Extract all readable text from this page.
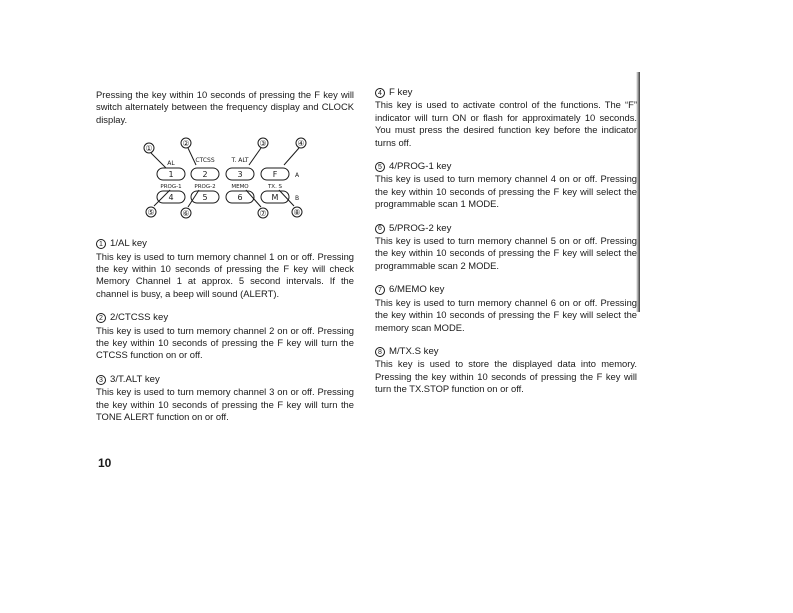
Pressing the key within 10 seconds of pressing the F key will switch alternately between the frequency display and CLOCK display.

①
②	③	④
⑤	⑥	⑦	⑧
AL	CTCSS	T. ALT
1	2	3	F
PROG-1 PROG-2	MEMO	TX. S
4	5	6	M
A
B
1 1/AL key

This key is used to turn memory channel 1 on or off. Pressing the key within 10 seconds of pressing the F key will check Memory Channel 1 at approx. 5 second intervals. If the channel is busy, a beep will sound (ALERT).

2 2/CTCSS key

This key is used to turn memory channel 2 on or off. Pressing the key within 10 seconds of pressing the F key will turn the CTCSS function on or off.

3 3/T.ALT key

This key is used to turn memory channel 3 on or off. Pressing the key within 10 seconds of pressing the F key will turn the TONE ALERT function on or off.

4 F key

This key is used to activate control of the functions. The “F” indicator will turn ON or flash for approximately 10 seconds. You must press the desired function key before the indicator turns off.

5 4/PROG-1 key

This key is used to turn memory channel 4 on or off. Pressing the key within 10 seconds of pressing the F key will select the programmable scan 1 MODE.

6 5/PROG-2 key

This key is used to turn memory channel 5 on or off. Pressing the key within 10 seconds of pressing the F key will select the programmable scan 2 MODE.

7 6/MEMO key

This key is used to turn memory channel 6 on or off. Pressing the key within 10 seconds of pressing the F key will select the memory scan MODE.

8 M/TX.S key

This key is used to store the displayed data into memory. Pressing the key within 10 seconds of pressing the F key will turn the TX.STOP function on or off.

10
